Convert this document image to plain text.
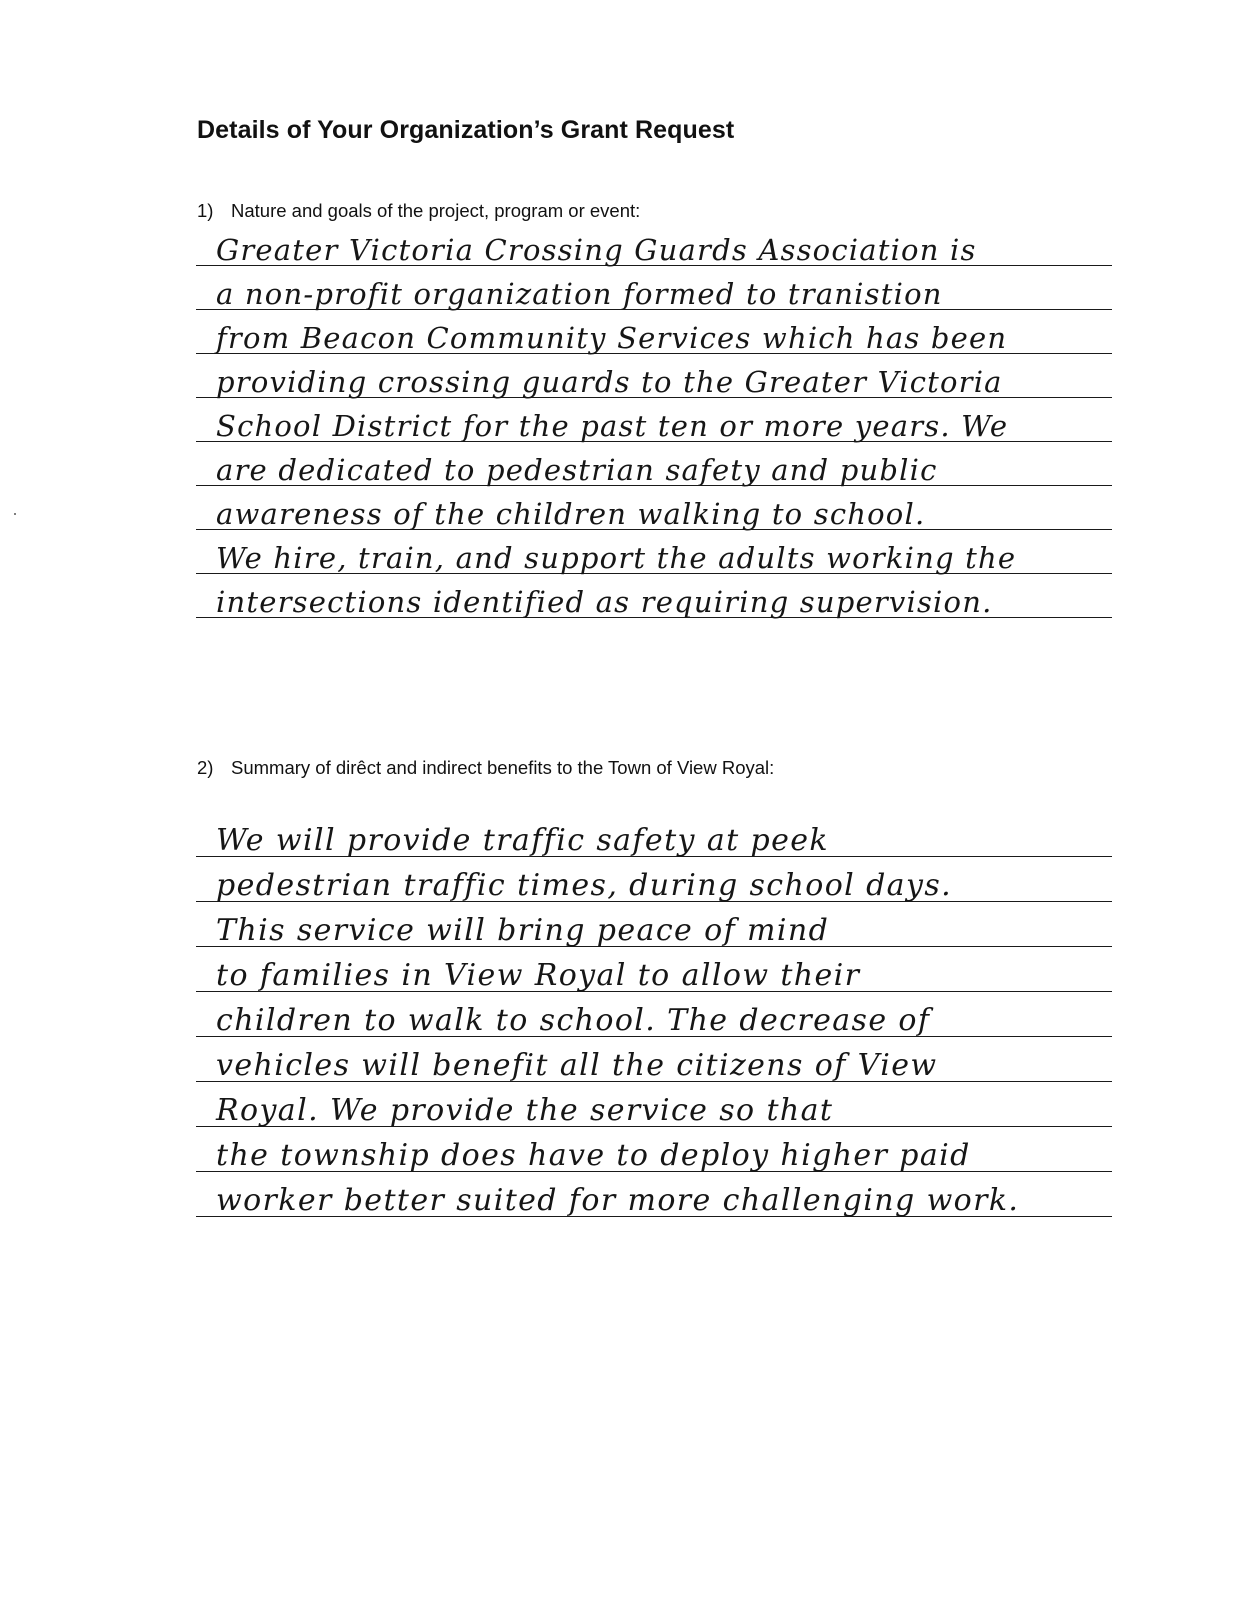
Details of Your Organization’s Grant Request
1) Nature and goals of the project, program or event:
Greater Victoria Crossing Guards Association is
a non-profit organization formed to tranistion
from Beacon Community Services which has been
providing crossing guards to the Greater Victoria
School District for the past ten or more years. We
are dedicated to pedestrian safety and public
awareness of the children walking to school.
We hire, train, and support the adults working the
intersections identified as requiring supervision.
2) Summary of dirêct and indirect benefits to the Town of View Royal:
We will provide traffic safety at peek
pedestrian traffic times, during school days.
This service will bring peace of mind
to families in View Royal to allow their
children to walk to school. The decrease of
vehicles will benefit all the citizens of View
Royal. We provide the service so that
the township does have to deploy higher paid
worker better suited for more challenging work.
